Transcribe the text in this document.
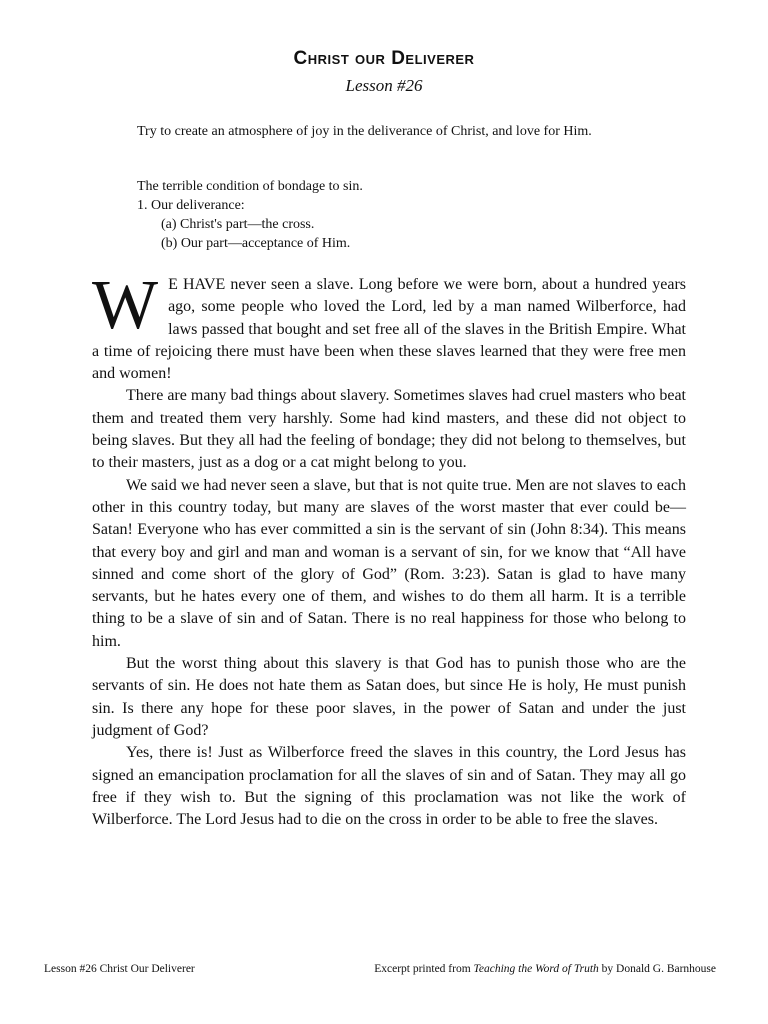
Christ our Deliverer
Lesson #26

Try to create an atmosphere of joy in the deliverance of Christ, and love for Him.

The terrible condition of bondage to sin.

1. Our deliverance:

(a) Christ's part—the cross.

(b) Our part—acceptance of Him.

W E HAVE never seen a slave. Long before we were born, about a hundred years ago, some people who loved the Lord, led by a man named Wilberforce, had laws passed that bought and set free all of the slaves in the British Empire. What a time of rejoicing there must have been when these slaves learned that they were free men and women!

There are many bad things about slavery. Sometimes slaves had cruel masters who beat them and treated them very harshly. Some had kind masters, and these did not object to being slaves. But they all had the feeling of bondage; they did not belong to themselves, but to their masters, just as a dog or a cat might belong to you.

We said we had never seen a slave, but that is not quite true. Men are not slaves to each other in this country today, but many are slaves of the worst master that ever could be—Satan! Everyone who has ever committed a sin is the servant of sin (John 8:34). This means that every boy and girl and man and woman is a servant of sin, for we know that “All have sinned and come short of the glory of God” (Rom. 3:23). Satan is glad to have many servants, but he hates every one of them, and wishes to do them all harm. It is a terrible thing to be a slave of sin and of Satan. There is no real happiness for those who belong to him.

But the worst thing about this slavery is that God has to punish those who are the servants of sin. He does not hate them as Satan does, but since He is holy, He must punish sin. Is there any hope for these poor slaves, in the power of Satan and under the just judgment of God?

Yes, there is! Just as Wilberforce freed the slaves in this country, the Lord Jesus has signed an emancipation proclamation for all the slaves of sin and of Satan. They may all go free if they wish to. But the signing of this proclamation was not like the work of Wilberforce. The Lord Jesus had to die on the cross in order to be able to free the slaves.

Lesson #26 Christ Our Deliverer	Excerpt printed from Teaching the Word of Truth by Donald G. Barnhouse
